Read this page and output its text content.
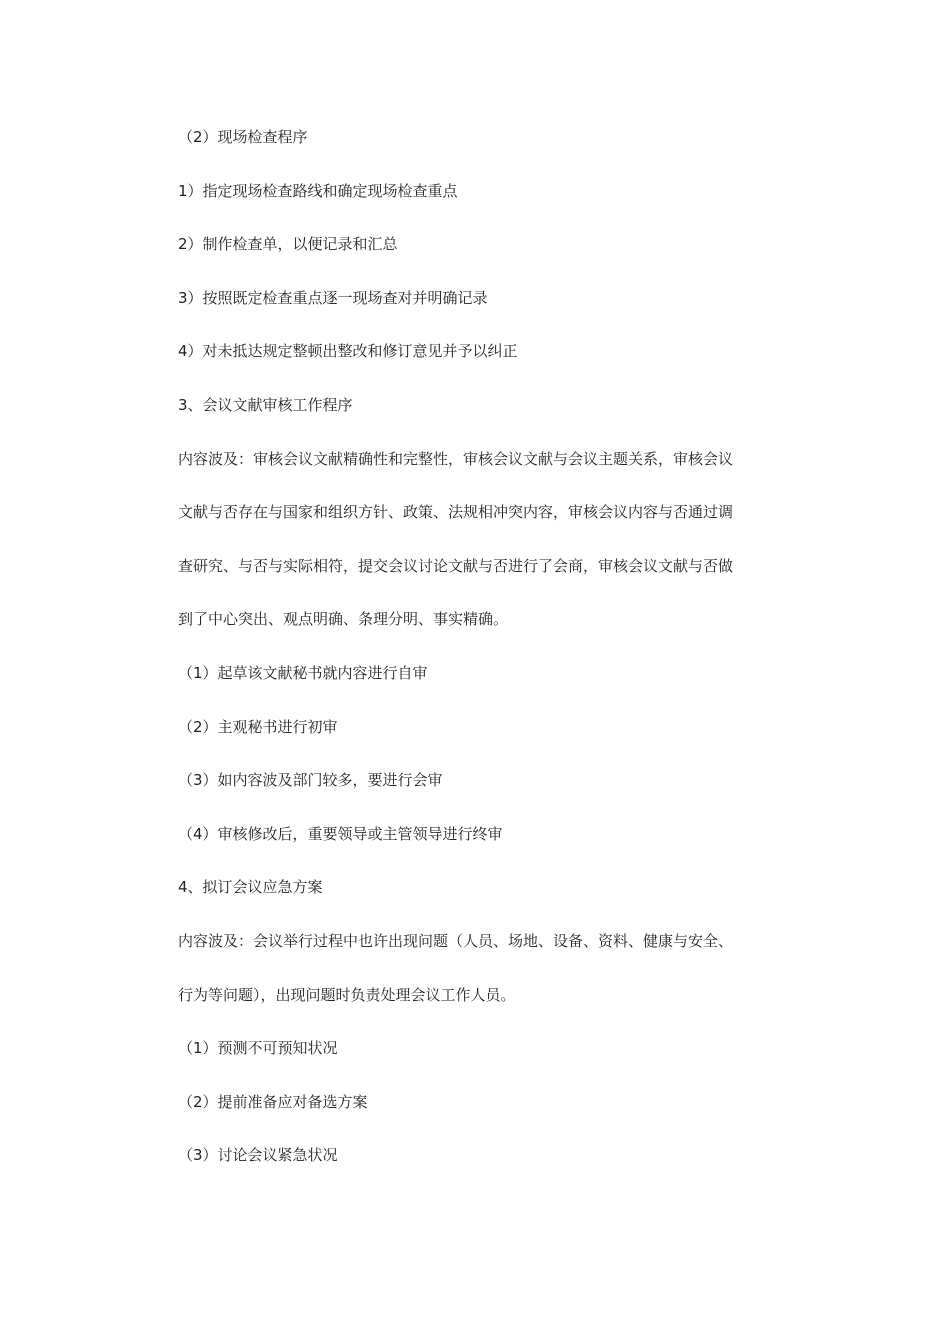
（2）现场检查程序
1）指定现场检查路线和确定现场检查重点
2）制作检查单，以便记录和汇总
3）按照既定检查重点逐一现场查对并明确记录
4）对未抵达规定整顿出整改和修订意见并予以纠正
3、会议文献审核工作程序
内容波及：审核会议文献精确性和完整性，审核会议文献与会议主题关系，审核会议
文献与否存在与国家和组织方针、政策、法规相冲突内容，审核会议内容与否通过调
查研究、与否与实际相符，提交会议讨论文献与否进行了会商，审核会议文献与否做
到了中心突出、观点明确、条理分明、事实精确。
（1）起草该文献秘书就内容进行自审
（2）主观秘书进行初审
（3）如内容波及部门较多，要进行会审
（4）审核修改后，重要领导或主管领导进行终审
4、拟订会议应急方案
内容波及：会议举行过程中也许出现问题（人员、场地、设备、资料、健康与安全、
行为等问题），出现问题时负责处理会议工作人员。
（1）预测不可预知状况
（2）提前准备应对备选方案
（3）讨论会议紧急状况
